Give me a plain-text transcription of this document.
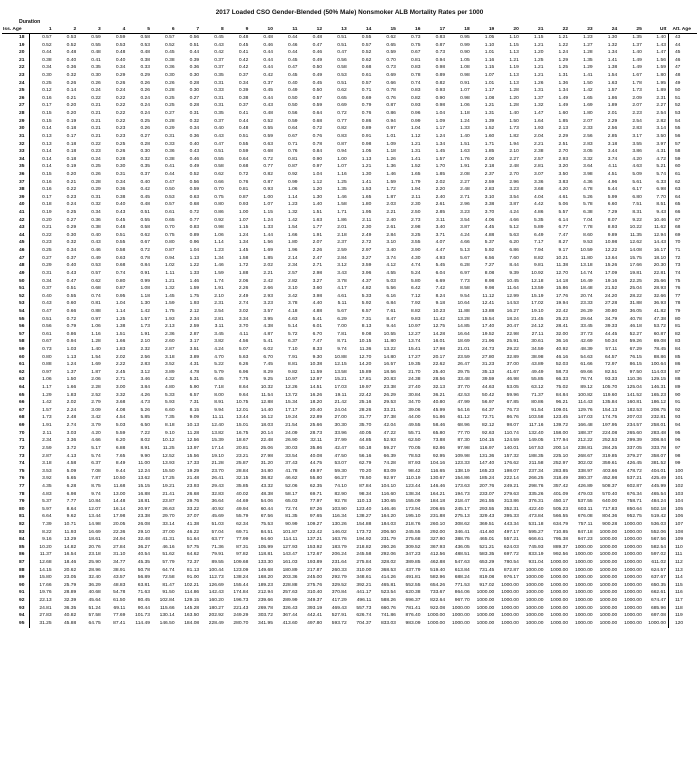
2017 Loaded CSO Gender-Blended (50% Male) Nonsmoker ALB Mortality Rates per 1000
Duration
Iss. Age	1	2	3	4	5	6	7	8	9	10	11	12	13	14	15	16	17	18	19	20	21	22	23	24	25	Ult	Att. Age
18	0.57	0.53	0.59	0.59	0.58	0.57	0.56	0.45	0.48	0.48	0.44	0.48	0.51	0.55	0.62	0.73	0.83	0.95	1.05	1.10	1.15	1.21	1.23	1.30	1.35	1.40	43
19	0.52	0.52	0.55	0.53	0.53	0.52	0.51	0.43	0.45	0.46	0.46	0.47	0.51	0.57	0.65	0.75	0.87	0.99	1.10	1.15	1.21	1.22	1.27	1.32	1.37	1.43	44
20	0.44	0.48	0.48	0.48	0.48	0.45	0.44	0.42	0.41	0.44	0.44	0.46	0.47	0.52	0.59	0.67	0.73	0.90	1.01	1.13	1.20	1.24	1.28	1.34	1.40	1.47	45
21	0.38	0.40	0.41	0.40	0.38	0.38	0.39	0.37	0.42	0.44	0.45	0.49	0.56	0.62	0.70	0.81	0.94	1.05	1.16	1.21	1.25	1.29	1.35	1.41	1.49	1.56	46
22	0.34	0.36	0.35	0.34	0.33	0.36	0.36	0.37	0.42	0.44	0.47	0.50	0.58	0.68	0.73	0.83	0.98	1.08	1.15	1.19	1.21	1.25	1.29	1.38	1.49	1.59	47
23	0.30	0.32	0.30	0.29	0.29	0.30	0.30	0.35	0.37	0.42	0.45	0.49	0.53	0.61	0.69	0.78	0.89	0.98	1.07	1.13	1.21	1.31	1.41	1.54	1.67	1.80	48
24	0.25	0.26	0.26	0.26	0.26	0.26	0.28	0.31	0.34	0.37	0.40	0.45	0.51	0.57	0.66	0.74	0.82	0.91	1.01	1.13	1.26	1.36	1.50	1.63	1.78	1.95	49
25	0.12	0.14	0.24	0.24	0.26	0.28	0.30	0.33	0.39	0.45	0.49	0.50	0.62	0.71	0.78	0.83	0.93	1.07	1.17	1.28	1.31	1.34	1.42	1.57	1.73	1.89	50
26	0.16	0.21	0.22	0.22	0.24	0.25	0.27	0.31	0.38	0.44	0.50	0.57	0.65	0.69	0.76	0.82	0.90	0.98	1.08	1.20	1.37	1.49	1.65	1.86	2.09	2.31	51
27	0.17	0.20	0.21	0.22	0.24	0.25	0.28	0.31	0.37	0.43	0.50	0.59	0.69	0.79	0.87	0.93	0.98	1.06	1.21	1.28	1.32	1.49	1.69	1.89	2.07	2.27	52
28	0.15	0.20	0.21	0.22	0.24	0.27	0.31	0.35	0.41	0.48	0.56	0.64	0.72	0.76	0.86	0.96	1.04	1.18	1.31	1.40	1.47	1.60	1.80	2.01	2.23	2.54	53
29	0.15	0.19	0.21	0.22	0.25	0.28	0.32	0.37	0.44	0.52	0.59	0.68	0.77	0.86	0.94	0.99	1.09	1.24	1.39	1.50	1.64	1.85	2.07	2.29	2.54	2.82	54
30	0.14	0.18	0.21	0.23	0.26	0.29	0.34	0.40	0.48	0.55	0.64	0.72	0.82	0.89	0.97	1.04	1.17	1.33	1.52	1.73	1.93	2.13	2.33	2.56	2.83	3.14	55
31	0.13	0.17	0.21	0.23	0.27	0.31	0.36	0.43	0.51	0.59	0.67	0.76	0.83	0.91	1.01	1.12	1.24	1.40	1.60	1.82	2.04	2.29	2.56	2.85	3.17	3.50	56
32	0.13	0.18	0.22	0.25	0.28	0.33	0.40	0.47	0.55	0.63	0.71	0.78	0.87	0.98	1.09	1.21	1.34	1.51	1.71	1.94	2.21	2.51	2.83	3.18	3.55	3.97	57
33	0.14	0.18	0.23	0.26	0.30	0.36	0.43	0.51	0.59	0.68	0.76	0.84	0.94	1.05	1.18	1.31	1.45	1.63	1.85	2.10	2.38	2.70	3.05	3.44	3.86	4.31	58
34	0.14	0.18	0.24	0.28	0.32	0.38	0.46	0.55	0.64	0.72	0.81	0.90	1.00	1.13	1.26	1.41	1.57	1.76	2.00	2.27	2.57	2.93	3.32	3.74	4.20	4.72	59
35	0.14	0.19	0.25	0.30	0.35	0.41	0.49	0.58	0.68	0.77	0.87	0.97	1.07	1.21	1.36	1.52	1.70	1.91	2.18	2.48	2.81	3.20	3.64	4.11	4.63	5.21	60
36	0.15	0.20	0.26	0.31	0.37	0.44	0.52	0.62	0.72	0.82	0.92	1.04	1.16	1.30	1.46	1.65	1.85	2.08	2.37	2.70	3.07	3.50	3.98	4.51	5.09	5.74	61
37	0.16	0.21	0.28	0.34	0.40	0.47	0.56	0.66	0.76	0.87	0.99	1.12	1.25	1.41	1.59	1.79	2.02	2.27	2.59	2.96	3.36	3.83	4.36	4.96	5.61	6.33	62
38	0.16	0.22	0.29	0.36	0.42	0.50	0.59	0.70	0.81	0.93	1.06	1.20	1.35	1.53	1.72	1.94	2.20	2.48	2.83	3.23	3.68	4.20	4.78	5.44	6.17	6.98	63
39	0.17	0.23	0.31	0.38	0.45	0.53	0.63	0.75	0.87	1.00	1.14	1.30	1.46	1.65	1.87	2.11	2.40	2.71	3.10	3.54	4.04	4.61	5.26	5.99	6.80	7.70	64
40	0.18	0.24	0.32	0.40	0.48	0.57	0.68	0.80	0.93	1.07	1.23	1.40	1.58	1.80	2.03	2.30	2.61	2.96	3.38	3.87	4.42	5.06	5.78	6.60	7.51	8.51	65
41	0.19	0.25	0.34	0.43	0.51	0.61	0.72	0.86	1.00	1.15	1.32	1.51	1.71	1.95	2.21	2.50	2.85	3.23	3.70	4.24	4.86	5.57	6.38	7.29	8.31	9.43	66
42	0.20	0.27	0.36	0.45	0.55	0.65	0.77	0.92	1.07	1.24	1.42	1.63	1.86	2.11	2.40	2.73	3.11	3.54	4.06	4.66	5.35	6.14	7.04	8.07	9.22	10.46	67
43	0.21	0.29	0.38	0.48	0.58	0.70	0.83	0.98	1.15	1.33	1.54	1.77	2.01	2.30	2.61	2.98	3.40	3.87	4.45	5.12	5.89	6.77	7.78	8.93	10.22	11.62	68
44	0.22	0.30	0.40	0.51	0.62	0.75	0.89	1.06	1.24	1.44	1.66	1.91	2.18	2.49	2.84	3.25	3.71	4.24	4.88	5.63	6.49	7.47	8.60	9.89	11.35	12.94	69
45	0.23	0.32	0.43	0.55	0.67	0.80	0.96	1.14	1.34	1.56	1.80	2.07	2.37	2.72	3.10	3.55	4.07	4.66	5.37	6.20	7.17	8.27	9.53	10.98	12.62	14.43	70
46	0.25	0.34	0.46	0.58	0.72	0.87	1.04	1.23	1.45	1.69	1.96	2.26	2.59	2.97	3.40	3.90	4.47	5.13	5.92	6.86	7.94	9.17	10.59	12.22	14.08	16.17	71
47	0.27	0.37	0.49	0.63	0.78	0.94	1.13	1.34	1.58	1.85	2.14	2.47	2.84	3.27	3.74	4.30	4.93	5.67	6.56	7.60	8.82	10.21	11.80	13.64	15.75	18.10	72
48	0.29	0.40	0.53	0.68	0.84	1.02	1.22	1.46	1.72	2.02	2.34	2.71	3.12	3.59	4.12	4.74	5.45	6.28	7.27	8.44	9.81	11.38	13.18	15.26	17.66	20.30	73
49	0.31	0.43	0.57	0.74	0.91	1.11	1.33	1.59	1.88	2.21	2.57	2.98	3.43	3.96	4.55	5.24	6.04	6.97	8.08	9.39	10.92	12.70	14.74	17.09	19.81	22.81	74
50	0.34	0.47	0.62	0.80	0.99	1.21	1.46	1.74	2.06	2.42	2.82	3.27	3.78	4.37	5.03	5.80	6.69	7.73	8.98	10.45	12.18	14.18	16.49	19.16	22.25	25.66	75
51	0.37	0.51	0.68	0.87	1.08	1.32	1.59	1.91	2.26	2.66	3.10	3.60	4.17	4.82	5.56	6.42	7.42	8.58	9.98	11.64	13.59	15.86	18.48	21.52	25.04	28.93	76
52	0.40	0.55	0.74	0.95	1.18	1.45	1.75	2.10	2.49	2.93	3.42	3.98	4.61	5.33	6.16	7.12	8.24	9.54	11.12	12.99	15.19	17.76	20.74	24.20	28.22	32.66	77
53	0.43	0.60	0.81	1.04	1.30	1.59	1.93	2.31	2.74	3.23	3.78	4.40	5.11	5.92	6.84	7.92	9.18	10.64	12.41	14.53	17.02	19.94	23.33	27.28	31.88	36.93	78
54	0.47	0.66	0.88	1.14	1.42	1.75	2.12	2.54	3.02	3.57	4.18	4.88	5.67	6.57	7.61	8.82	10.23	11.88	13.88	16.27	19.10	22.42	26.29	30.80	36.05	41.82	79
55	0.51	0.72	0.97	1.25	1.57	1.93	2.34	2.81	3.34	3.95	4.63	5.41	6.29	7.31	8.47	9.83	11.42	13.28	15.54	18.24	21.45	25.23	29.64	34.79	40.78	47.38	80
56	0.56	0.79	1.06	1.38	1.73	2.13	2.59	3.11	3.70	4.38	5.14	6.01	7.00	8.13	9.44	10.97	12.75	14.85	17.40	20.47	24.12	28.41	33.45	39.33	46.18	53.72	81
57	0.61	0.86	1.16	1.51	1.91	2.36	2.87	3.45	4.11	4.87	5.72	6.70	7.81	9.08	10.55	12.27	14.28	16.64	19.52	22.98	27.11	32.00	37.73	44.45	52.27	60.87	82
58	0.67	0.94	1.28	1.66	2.10	2.60	3.17	3.82	4.56	5.41	6.37	7.47	8.71	10.15	11.80	13.74	16.01	18.69	21.96	25.91	30.61	36.16	42.69	50.34	59.26	69.08	83
59	0.73	1.03	1.40	1.83	2.32	2.87	3.51	4.24	5.07	6.02	7.10	8.33	9.74	11.36	13.22	15.41	17.98	21.01	24.73	29.22	34.59	40.92	48.39	57.11	67.29	78.45	84
60	0.80	1.13	1.54	2.02	2.56	3.18	3.89	4.70	5.63	6.70	7.91	9.30	10.88	12.70	14.80	17.27	20.17	23.59	27.80	32.89	38.98	46.16	54.63	64.57	76.15	88.86	85
61	0.88	1.24	1.69	2.22	2.83	3.52	4.31	5.22	6.26	7.45	8.81	10.38	12.15	14.20	16.57	19.35	22.62	26.47	31.23	37.00	43.89	52.03	61.66	72.97	86.15	100.64	86
62	0.97	1.37	1.87	2.45	3.12	3.89	4.78	5.79	6.96	8.29	9.82	11.59	13.58	15.89	18.56	21.70	25.40	29.75	35.13	41.67	49.49	58.73	69.66	82.51	97.50	114.03	87
63	1.06	1.50	2.06	2.71	3.46	4.32	5.31	6.45	7.75	9.25	10.97	12.97	15.21	17.81	20.83	24.38	28.56	33.48	39.59	46.98	55.85	66.33	78.74	93.33	110.36	129.15	88
64	1.17	1.66	2.28	3.00	3.84	4.80	5.90	7.18	8.64	10.32	12.26	14.51	17.03	19.97	23.38	27.40	32.13	37.70	44.63	53.05	63.12	75.02	89.12	105.70	125.04	146.31	89
65	1.29	1.83	2.52	3.32	4.26	5.33	6.57	8.00	9.64	11.54	13.72	16.26	19.11	22.42	26.29	30.84	36.21	42.53	50.42	59.96	71.37	84.84	100.82	119.60	141.52	165.23	90
66	1.42	2.02	2.79	3.68	4.73	5.93	7.31	8.91	10.75	12.88	15.34	18.20	21.42	25.16	29.53	34.70	40.80	47.99	56.97	67.85	80.86	96.21	114.43	135.84	160.81	186.12	91
67	1.57	2.24	3.09	4.08	5.26	6.60	8.15	9.94	12.01	14.40	17.17	20.40	24.04	28.26	33.21	39.06	45.99	54.16	64.37	76.73	91.54	109.01	129.76	154.13	182.53	208.75	92
68	1.73	2.48	3.42	4.54	5.85	7.35	9.09	11.11	13.44	16.12	19.24	22.89	27.00	31.77	37.38	44.00	51.86	61.12	72.71	86.76	103.58	123.45	147.03	174.75	207.03	232.81	93
69	1.91	2.74	3.79	5.03	6.50	8.18	10.13	12.40	15.01	18.03	21.54	25.66	30.30	35.70	42.04	49.55	58.46	68.96	82.12	98.07	117.16	139.72	166.48	197.95	234.57	258.01	94
70	2.11	3.03	4.20	5.59	7.22	9.10	11.28	13.82	16.75	20.14	24.09	28.73	33.96	40.05	47.22	55.71	65.80	77.70	92.63	110.74	132.40	158.00	188.37	224.08	265.60	283.48	95
71	2.34	3.36	4.66	6.20	8.02	10.12	12.56	15.39	18.67	22.48	26.90	32.11	37.99	44.85	52.93	62.50	73.88	87.30	104.15	124.59	149.05	177.94	212.22	252.53	299.39	308.84	96
72	2.59	3.72	5.17	6.88	8.91	11.25	13.97	17.14	20.81	25.06	30.03	35.86	42.47	50.18	59.27	70.05	82.86	97.98	116.97	140.01	167.53	200.14	238.81	284.25	337.05	333.78	97
73	2.87	4.13	5.74	7.65	9.90	12.52	15.56	19.10	23.21	27.98	33.54	40.08	47.50	56.16	66.39	78.53	92.95	109.98	131.36	157.32	188.35	225.10	268.67	319.85	379.27	358.07	98
74	3.18	4.58	6.37	8.49	11.00	13.93	17.33	21.28	25.87	31.20	37.43	44.75	53.07	62.79	74.28	87.93	104.16	123.33	147.40	176.62	211.58	252.97	302.02	359.61	426.45	381.52	99
75	3.53	5.09	7.08	9.44	12.24	15.50	19.29	23.70	28.84	34.80	41.78	49.97	59.30	70.20	83.09	98.42	116.65	138.19	165.23	198.07	237.34	283.85	338.97	403.66	478.72	404.01	100
76	3.92	5.65	7.87	10.50	13.62	17.25	21.48	26.41	32.15	38.82	46.62	55.80	66.27	78.50	92.97	110.19	130.67	154.86	185.24	222.14	266.25	318.49	380.37	452.98	537.21	425.49	101
77	4.35	6.28	8.75	11.68	15.15	19.21	23.93	29.43	35.85	43.32	52.06	62.35	74.10	87.84	104.10	123.44	146.46	173.63	207.76	249.21	298.76	357.42	426.89	508.37	602.87	445.99	102
78	4.83	6.98	9.74	13.00	16.88	21.41	26.68	32.83	40.02	48.38	58.17	69.71	82.90	98.34	116.60	138.34	164.21	194.73	233.07	279.63	335.26	401.09	479.03	570.40	676.34	465.54	103
79	5.37	7.77	10.84	14.48	18.81	23.87	29.76	36.64	44.69	54.06	65.03	77.97	92.78	110.13	130.65	155.09	184.18	218.47	261.55	313.86	376.31	450.17	537.55	640.00	758.71	484.24	104
80	5.97	8.64	12.07	16.14	20.97	26.63	33.22	40.92	49.94	60.44	72.74	87.26	103.90	123.40	146.46	173.94	206.65	245.17	293.55	352.31	422.40	505.23	603.11	717.83	850.64	502.18	105
81	6.64	9.62	13.44	17.98	23.38	29.70	37.07	45.69	55.79	67.56	81.35	97.65	116.34	138.27	164.20	195.10	231.88	275.13	329.43	395.33	473.84	566.55	676.08	804.36	952.75	519.42	106
82	7.39	10.71	14.98	20.05	26.08	33.14	41.38	51.03	62.34	75.53	90.99	109.27	130.26	154.88	184.03	218.76	260.10	308.62	369.51	443.34	531.18	634.79	757.11	900.28	1000.00	536.03	107
83	8.22	11.93	16.69	22.36	29.10	37.00	46.22	57.04	69.71	84.51	101.87	122.42	146.02	173.72	206.50	245.55	292.00	346.41	414.60	497.17	595.27	710.85	847.18	1000.00	1000.00	552.06	108
84	9.16	13.29	18.61	24.94	32.48	41.31	51.64	63.77	77.99	94.60	114.11	137.21	163.76	194.92	231.79	275.68	327.80	388.75	465.01	557.21	666.61	795.38	947.23	1000.00	1000.00	567.56	109
85	10.20	14.82	20.76	27.84	36.27	46.16	57.75	71.36	87.31	105.99	127.93	153.92	183.79	218.82	260.26	309.52	367.93	436.05	521.21	624.03	745.93	889.37	1000.00	1000.00	1000.00	582.54	110
86	11.37	16.54	23.18	31.10	40.54	51.62	64.62	79.91	97.82	118.81	143.47	172.67	206.24	245.58	292.06	347.23	412.56	488.51	583.35	697.72	833.19	992.56	1000.00	1000.00	1000.00	597.02	111
87	12.68	18.46	25.90	34.77	45.35	57.79	72.37	89.55	109.68	133.30	161.03	193.89	231.64	275.84	328.02	389.85	462.88	547.63	653.29	780.54	931.04	1000.00	1000.00	1000.00	1000.00	611.02	112
88	14.15	20.62	28.96	38.91	50.78	64.74	81.13	100.44	123.09	149.68	180.89	217.87	260.33	310.00	368.53	437.79	519.40	613.84	731.45	872.87	1000.00	1000.00	1000.00	1000.00	1000.00	624.57	113
89	15.80	23.05	32.40	43.57	56.89	72.58	91.00	112.73	138.24	168.20	203.36	245.00	292.79	348.61	414.26	491.81	582.96	688.24	819.08	976.17	1000.00	1000.00	1000.00	1000.00	1000.00	637.67	114
90	17.66	25.79	36.29	48.83	63.81	81.47	102.21	126.69	155.44	189.23	228.88	275.76	329.52	392.21	465.81	552.55	654.26	771.53	917.02	1000.00	1000.00	1000.00	1000.00	1000.00	1000.00	650.35	115
91	19.76	28.89	40.68	54.78	71.63	91.50	114.86	142.43	174.84	212.94	257.63	310.40	370.84	441.17	523.54	620.38	733.67	864.06	1000.00	1000.00	1000.00	1000.00	1000.00	1000.00	1000.00	662.61	116
92	22.13	32.39	45.64	61.50	80.45	102.84	129.15	160.20	196.73	239.66	289.99	349.37	417.29	496.11	588.26	696.37	822.64	967.70	1000.00	1000.00	1000.00	1000.00	1000.00	1000.00	1000.00	674.47	117
93	24.81	36.35	51.24	69.11	90.44	115.66	145.28	180.27	221.43	269.78	326.43	393.19	469.43	557.73	660.76	781.41	922.08	1000.00	1000.00	1000.00	1000.00	1000.00	1000.00	1000.00	1000.00	685.96	118
94	27.83	40.82	57.58	77.69	101.73	130.14	163.50	202.92	249.29	303.72	367.44	442.41	527.91	626.74	741.86	876.40	1000.00	1000.00	1000.00	1000.00	1000.00	1000.00	1000.00	1000.00	1000.00	697.08	119
95	31.25	45.88	64.75	87.41	114.49	146.50	184.08	228.49	280.70	341.95	413.60	497.80	593.72	704.37	833.03	983.09	1000.00	1000.00	1000.00	1000.00	1000.00	1000.00	1000.00	1000.00	1000.00	1000.00	120
